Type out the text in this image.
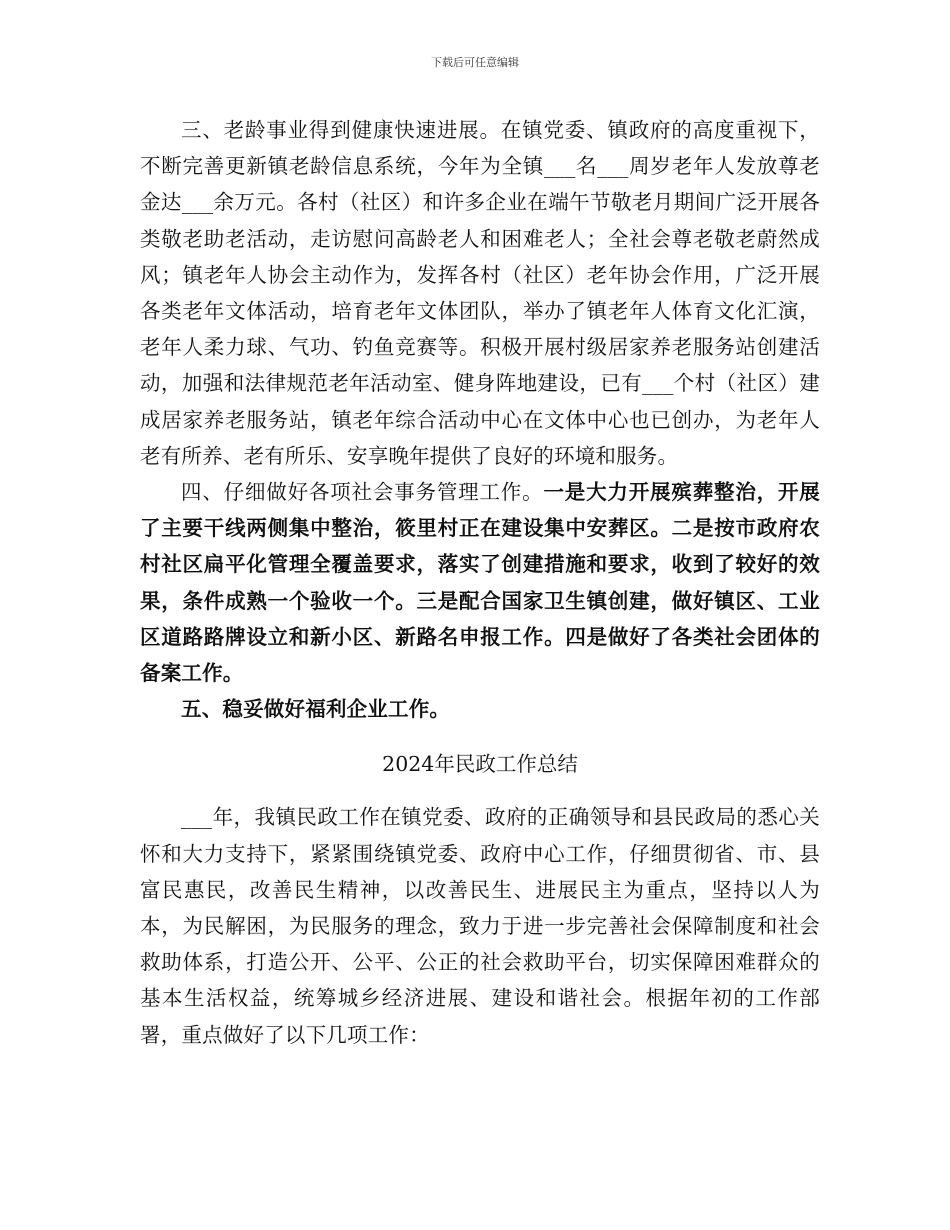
下载后可任意编辑

三、老龄事业得到健康快速进展。在镇党委、镇政府的高度重视下，不断完善更新镇老龄信息系统，今年为全镇___名___周岁老年人发放尊老金达___余万元。各村（社区）和许多企业在端午节敬老月期间广泛开展各类敬老助老活动，走访慰问高龄老人和困难老人；全社会尊老敬老蔚然成风；镇老年人协会主动作为，发挥各村（社区）老年协会作用，广泛开展各类老年文体活动，培育老年文体团队，举办了镇老年人体育文化汇演，老年人柔力球、气功、钓鱼竞赛等。积极开展村级居家养老服务站创建活动，加强和法律规范老年活动室、健身阵地建设，已有___个村（社区）建成居家养老服务站，镇老年综合活动中心在文体中心也已创办，为老年人老有所养、老有所乐、安享晚年提供了良好的环境和服务。

四、仔细做好各项社会事务管理工作。一是大力开展殡葬整治，开展了主要干线两侧集中整治，筱里村正在建设集中安葬区。二是按市政府农村社区扁平化管理全覆盖要求，落实了创建措施和要求，收到了较好的效果，条件成熟一个验收一个。三是配合国家卫生镇创建，做好镇区、工业区道路路牌设立和新小区、新路名申报工作。四是做好了各类社会团体的备案工作。

五、稳妥做好福利企业工作。

2024年民政工作总结

___年，我镇民政工作在镇党委、政府的正确领导和县民政局的悉心关怀和大力支持下，紧紧围绕镇党委、政府中心工作，仔细贯彻省、市、县富民惠民，改善民生精神，以改善民生、进展民主为重点，坚持以人为本，为民解困，为民服务的理念，致力于进一步完善社会保障制度和社会救助体系，打造公开、公平、公正的社会救助平台，切实保障困难群众的基本生活权益，统筹城乡经济进展、建设和谐社会。根据年初的工作部署，重点做好了以下几项工作：
